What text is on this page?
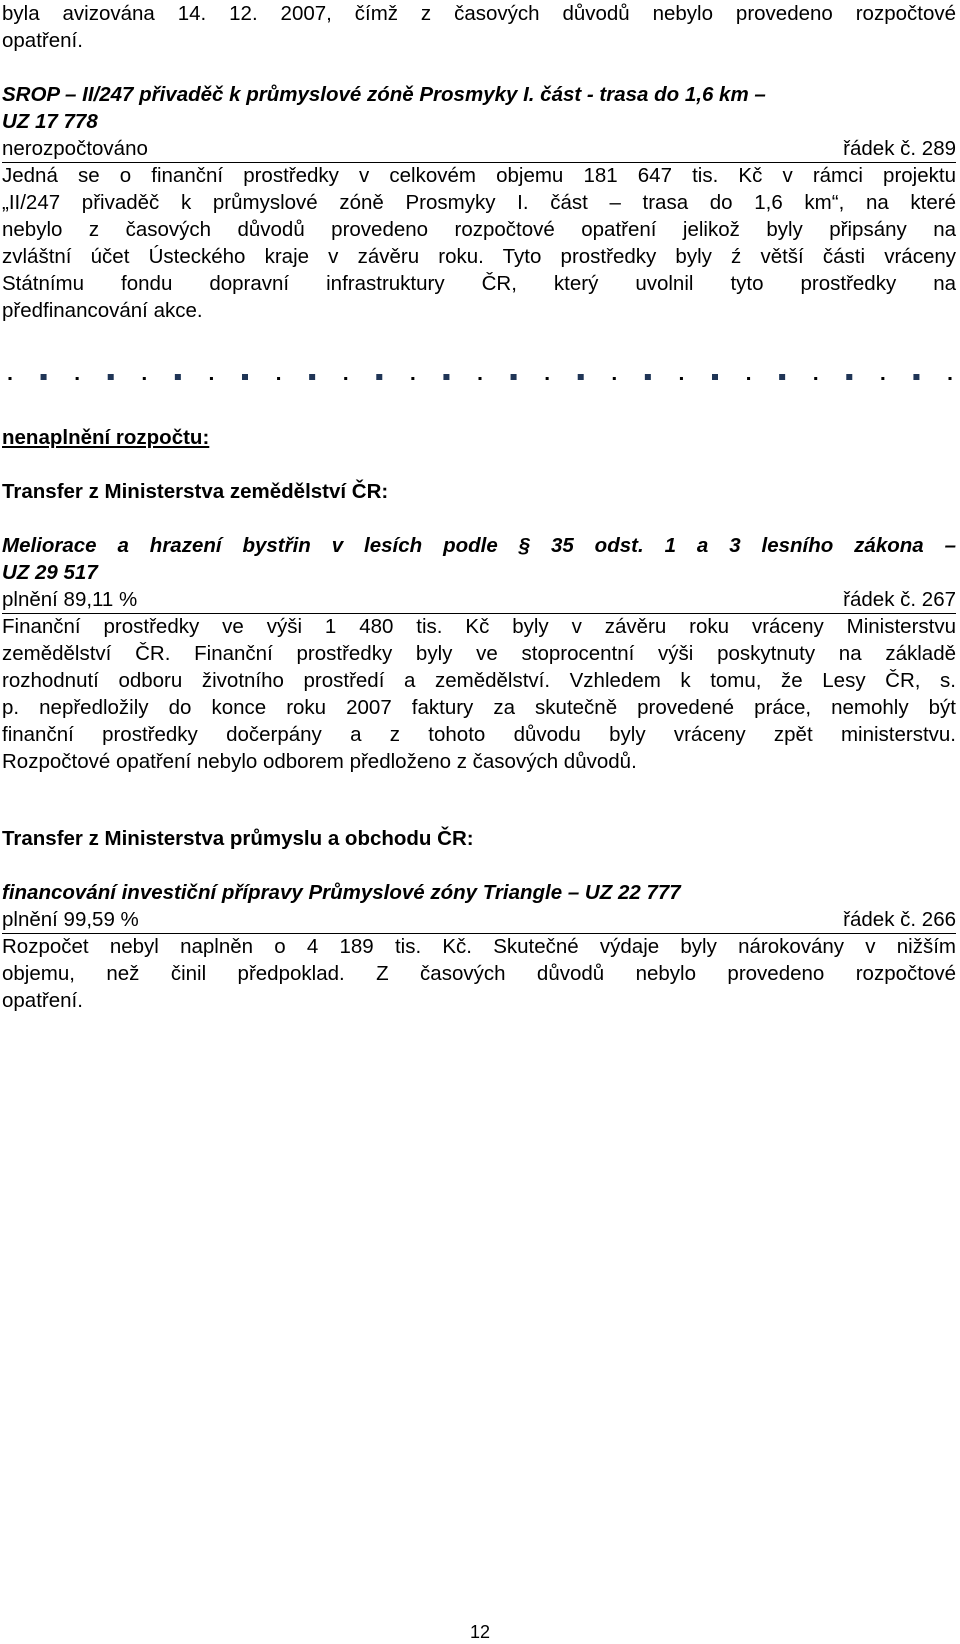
byla avizována 14. 12. 2007, čímž z časových důvodů nebylo provedeno rozpočtové
opatření.
SROP – II/247 přivaděč k průmyslové zóně Prosmyky I. část - trasa do 1,6 km –
UZ 17 778
nerozpočtováno	řádek č. 289
Jedná se o finanční prostředky v celkovém objemu 181 647 tis. Kč v rámci projektu
„II/247 přivaděč k průmyslové zóně Prosmyky I. část – trasa do 1,6 km“, na které
nebylo z časových důvodů provedeno rozpočtové opatření jelikož byly připsány na
zvláštní účet Ústeckého kraje v závěru roku. Tyto prostředky byly ź větší části vráceny
Státnímu fondu dopravní infrastruktury ČR, který uvolnil tyto prostředky na
předfinancování akce.
nenaplnění rozpočtu:
Transfer z Ministerstva zemědělství ČR:
Meliorace a hrazení bystřin v lesích podle § 35 odst. 1 a 3 lesního zákona –
UZ 29 517
plnění 89,11 %	řádek č. 267
Finanční prostředky ve výši 1 480 tis. Kč byly v závěru roku vráceny Ministerstvu
zemědělství ČR. Finanční prostředky byly ve stoprocentní výši poskytnuty na základě
rozhodnutí odboru životního prostředí a zemědělství. Vzhledem k tomu, že Lesy ČR, s.
p. nepředložily do konce roku 2007 faktury za skutečně provedené práce, nemohly být
finanční prostředky dočerpány a z tohoto důvodu byly vráceny zpět ministerstvu.
Rozpočtové opatření nebylo odborem předloženo z časových důvodů.
Transfer z Ministerstva průmyslu a obchodu ČR:
financování investiční přípravy Průmyslové zóny Triangle – UZ 22 777
plnění 99,59 %	řádek č. 266
Rozpočet nebyl naplněn o 4 189 tis. Kč. Skutečné výdaje byly nárokovány v nižším
objemu, než činil předpoklad. Z časových důvodů nebylo provedeno rozpočtové
opatření.
12
